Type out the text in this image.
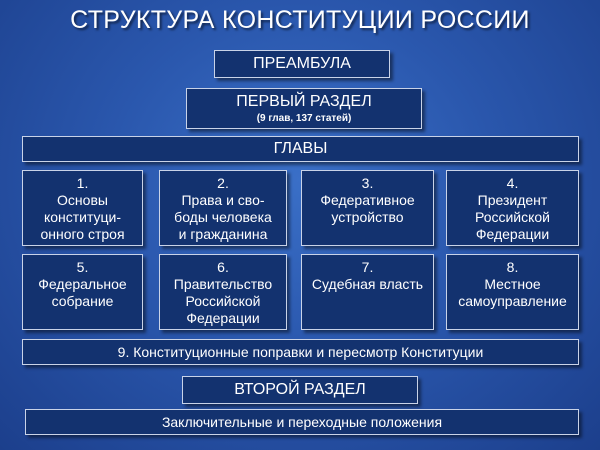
СТРУКТУРА КОНСТИТУЦИИ РОССИИ
ПРЕАМБУЛА
ПЕРВЫЙ РАЗДЕЛ
(9 глав, 137 статей)
ГЛАВЫ
1.
Основы
конституци-
онного строя
2.
Права и сво-
боды человека
и гражданина
3.
Федеративное
устройство
4.
Президент
Российской
Федерации
5.
Федеральное
собрание
6.
Правительство
Российской
Федерации
7.
Судебная власть
8.
Местное
самоуправление
9. Конституционные поправки и пересмотр Конституции
ВТОРОЙ РАЗДЕЛ
Заключительные и переходные положения
